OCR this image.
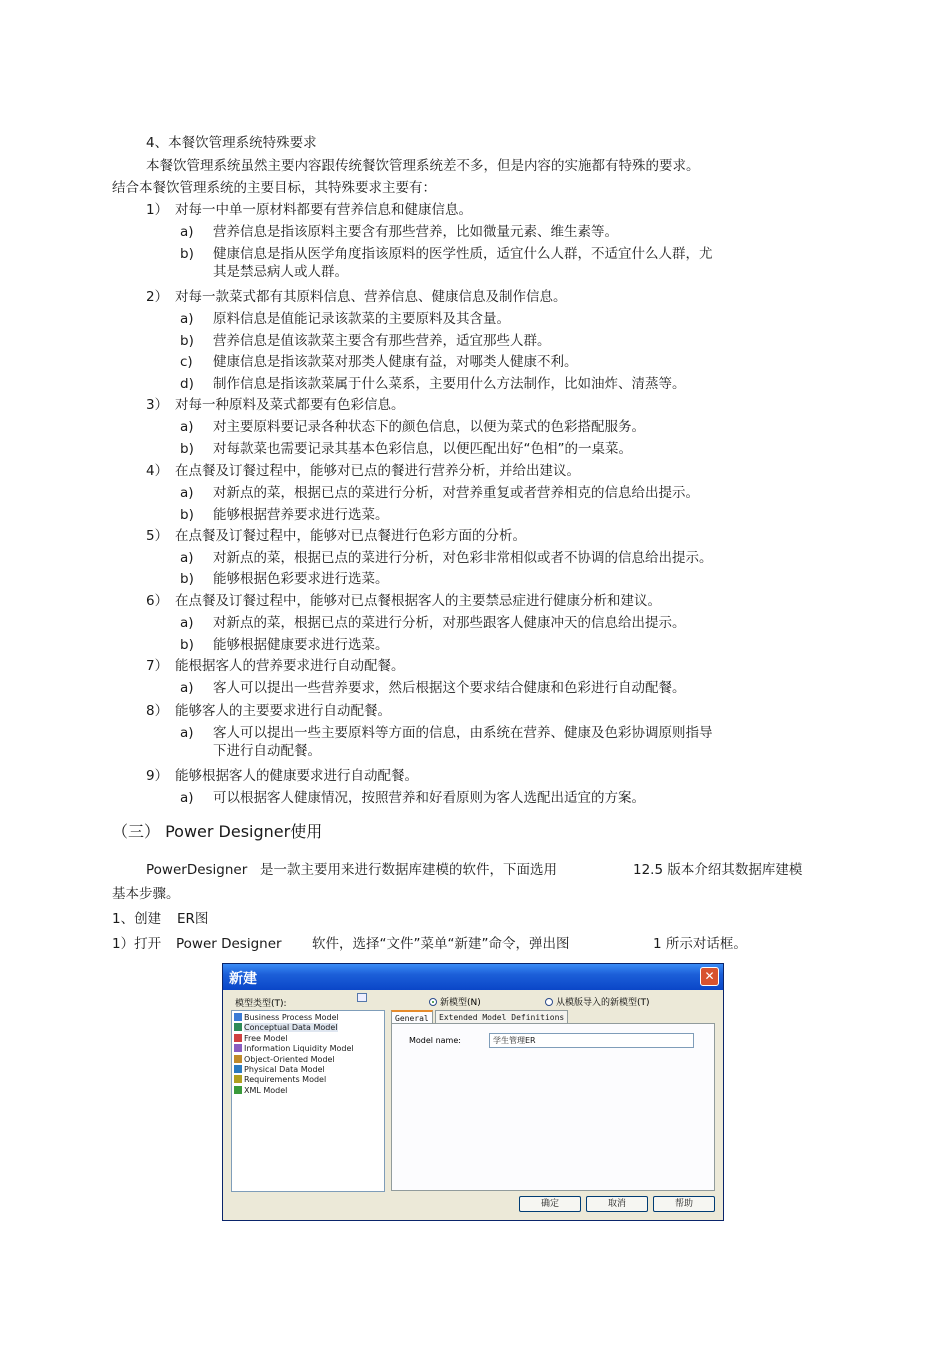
4、本餐饮管理系统特殊要求
本餐饮管理系统虽然主要内容跟传统餐饮管理系统差不多，但是内容的实施都有特殊的要求。
结合本餐饮管理系统的主要目标，其特殊要求主要有：
1） 对每一中单一原材料都要有营养信息和健康信息。
a) 营养信息是指该原料主要含有那些营养，比如微量元素、维生素等。
b) 健康信息是指从医学角度指该原料的医学性质，适宜什么人群，不适宜什么人群，尤
其是禁忌病人或人群。
2） 对每一款菜式都有其原料信息、营养信息、健康信息及制作信息。
a) 原料信息是值能记录该款菜的主要原料及其含量。
b) 营养信息是值该款菜主要含有那些营养，适宜那些人群。
c) 健康信息是指该款菜对那类人健康有益，对哪类人健康不利。
d) 制作信息是指该款菜属于什么菜系，主要用什么方法制作，比如油炸、清蒸等。
3） 对每一种原料及菜式都要有色彩信息。
a) 对主要原料要记录各种状态下的颜色信息，以便为菜式的色彩搭配服务。
b) 对每款菜也需要记录其基本色彩信息，以便匹配出好“色相”的一桌菜。
4） 在点餐及订餐过程中，能够对已点的餐进行营养分析，并给出建议。
a) 对新点的菜，根据已点的菜进行分析，对营养重复或者营养相克的信息给出提示。
b) 能够根据营养要求进行选菜。
5） 在点餐及订餐过程中，能够对已点餐进行色彩方面的分析。
a) 对新点的菜，根据已点的菜进行分析，对色彩非常相似或者不协调的信息给出提示。
b) 能够根据色彩要求进行选菜。
6） 在点餐及订餐过程中，能够对已点餐根据客人的主要禁忌症进行健康分析和建议。
a) 对新点的菜，根据已点的菜进行分析，对那些跟客人健康冲天的信息给出提示。
b) 能够根据健康要求进行选菜。
7） 能根据客人的营养要求进行自动配餐。
a) 客人可以提出一些营养要求，然后根据这个要求结合健康和色彩进行自动配餐。
8） 能够客人的主要要求进行自动配餐。
a) 客人可以提出一些主要原料等方面的信息，由系统在营养、健康及色彩协调原则指导
下进行自动配餐。
9） 能够根据客人的健康要求进行自动配餐。
a) 可以根据客人健康情况，按照营养和好看原则为客人选配出适宜的方案。
（三） Power Designer使用
PowerDesigner 是一款主要用来进行数据库建模的软件，下面选用	12.5 版本介绍其数据库建模
基本步骤。
1、创建 ER图
1）打开 Power Designer 软件，选择“文件”菜单“新建”命令，弹出图	1 所示对话框。
新建	✕
模型类型(T):	新模型(N)	从模版导入的新模型(T)
Business Process Model
Conceptual Data Model
Free Model
Information Liquidity Model
Object-Oriented Model
Physical Data Model
Requirements Model
XML Model
General	Extended Model Definitions
Model name:	学生管理ER
确定	取消	帮助
